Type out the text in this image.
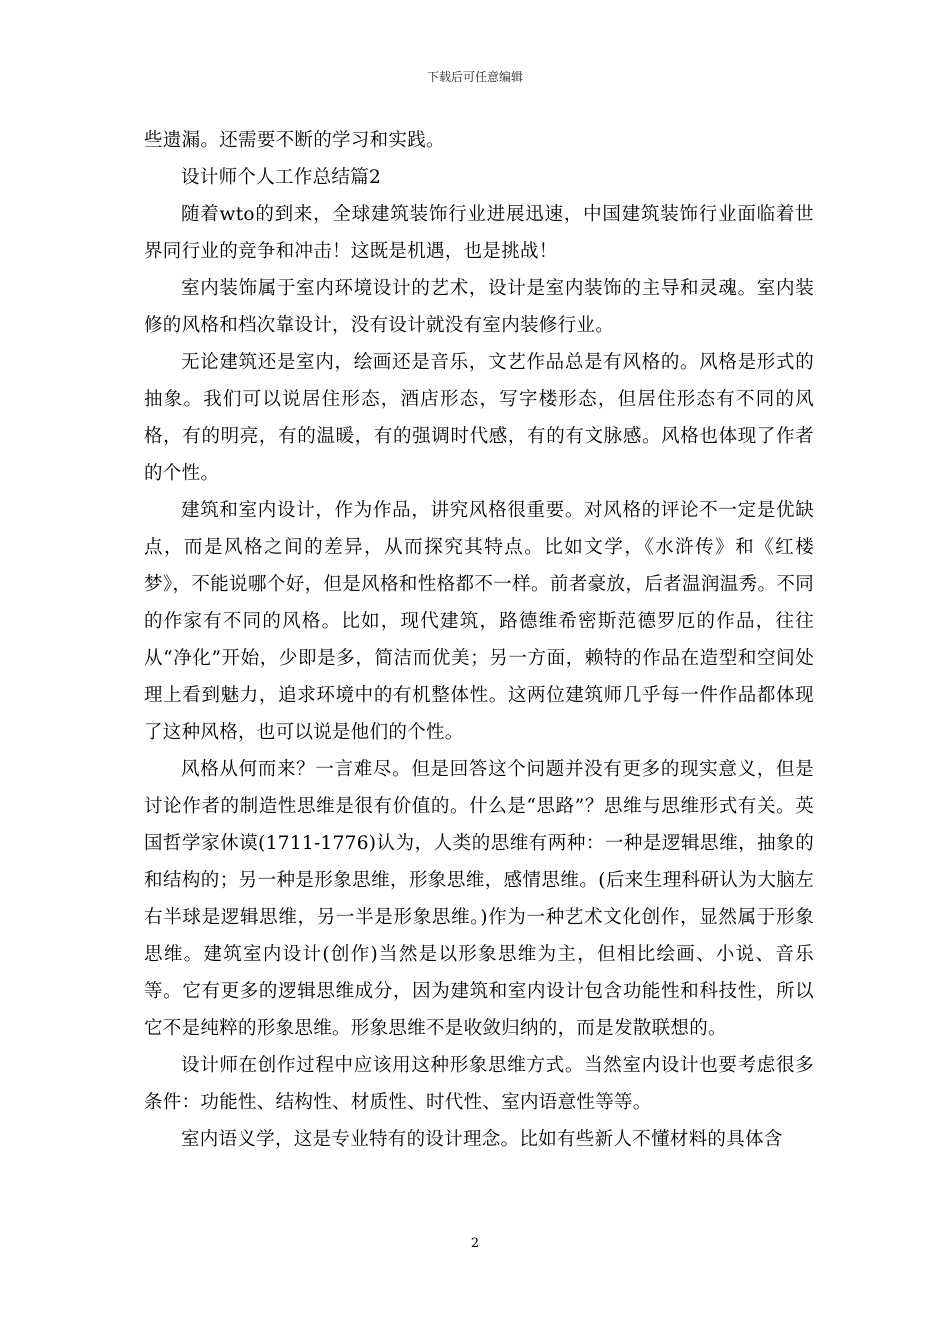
下载后可任意编辑

些遗漏。还需要不断的学习和实践。

设计师个人工作总结篇2

随着wto的到来，全球建筑装饰行业进展迅速，中国建筑装饰行业面临着世界同行业的竞争和冲击！这既是机遇，也是挑战！

室内装饰属于室内环境设计的艺术，设计是室内装饰的主导和灵魂。室内装修的风格和档次靠设计，没有设计就没有室内装修行业。

无论建筑还是室内，绘画还是音乐，文艺作品总是有风格的。风格是形式的抽象。我们可以说居住形态，酒店形态，写字楼形态，但居住形态有不同的风格，有的明亮，有的温暖，有的强调时代感，有的有文脉感。风格也体现了作者的个性。

建筑和室内设计，作为作品，讲究风格很重要。对风格的评论不一定是优缺点，而是风格之间的差异，从而探究其特点。比如文学，《水浒传》和《红楼梦》，不能说哪个好，但是风格和性格都不一样。前者豪放，后者温润温秀。不同的作家有不同的风格。比如，现代建筑，路德维希密斯范德罗厄的作品，往往从“净化”开始，少即是多，简洁而优美；另一方面，赖特的作品在造型和空间处理上看到魅力，追求环境中的有机整体性。这两位建筑师几乎每一件作品都体现了这种风格，也可以说是他们的个性。

风格从何而来？一言难尽。但是回答这个问题并没有更多的现实意义，但是讨论作者的制造性思维是很有价值的。什么是“思路”？思维与思维形式有关。英国哲学家休谟(1711-1776)认为，人类的思维有两种：一种是逻辑思维，抽象的和结构的；另一种是形象思维，形象思维，感情思维。(后来生理科研认为大脑左右半球是逻辑思维，另一半是形象思维。)作为一种艺术文化创作，显然属于形象思维。建筑室内设计(创作)当然是以形象思维为主，但相比绘画、小说、音乐等。它有更多的逻辑思维成分，因为建筑和室内设计包含功能性和科技性，所以它不是纯粹的形象思维。形象思维不是收敛归纳的，而是发散联想的。

设计师在创作过程中应该用这种形象思维方式。当然室内设计也要考虑很多条件：功能性、结构性、材质性、时代性、室内语意性等等。

室内语义学，这是专业特有的设计理念。比如有些新人不懂材料的具体含

2
